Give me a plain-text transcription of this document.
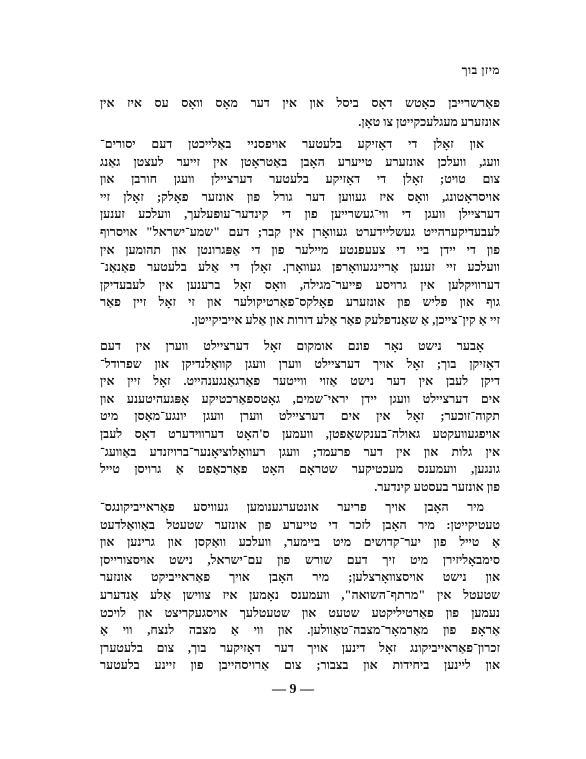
מיזן בוך
פאַרשרייבן כאָטש דאָס ביסל און אין דער מאָס וואָס עס איז אין
אונזערע מעגלעכקייטן צו טאָן.
און זאָלן די דאָזיקע בלעטער אויפסניי באַלייכטן דעם יסורים־
וועג, וועלכן אונזערע טייערע האָבן באַטראָטן אין זייער לעצטן גאַנג
צום טויט; זאָלן די דאָזיקע בלעטער דערציילן וועגן חורבן און
אויסראָטונג, וואָס איז געווען דער גורל פון אונזער פאָלק; זאָלן זיי
דערציילן וועגן די ווי־געשרייען פון די קינדער־עופעלעך, וועלכע זענען
לעבעדיקערהייט געשליידערט געוואָרן אין קבר; דעם "שמע־ישראל" אויסרוף
פון די יידן ביי די צעעפנטע מיילער פון די אַפּגרונטן און תהומען אין
וועלכע זיי זענען אַריינגעוואָרפן געוואָרן. זאָלן די אַלע בלעטער פאַנאַנ־
דערוויקלען אין גרויסע פייער־מגילה, וואָס זאָל ברענען אין לעבעדיקן
גוף און פליש פון אונזערע פאָלקס־פאַרטיקולער און זי זאָל זיין פאַר
זיי אַ קין־צייכן, אַ שאַנדפלעק פאַר אַלע דורות און אַלע אייביקייטן.
אָבער נישט נאָר פונם אומקום זאָל דערציילט ווערן אין דעם
דאָזיקן בוך; זאָל אויך דערציילט ווערן וועגן קוואַלנדיקן און שפרודל־
דיקן לעבן אין דער נישט אַזוי ווייטער פאַרגאַנגענהייט. זאָל זיין אין
אים דערציילט וועגן יידן יראי־שמים, גאָטספאַרכטיקע אָפּגעהיטענע און
תקוה־זוכער; זאָל אין אים דערציילט ווערן וועגן יונגע־מאַסן מיט
אויפגעוועקטע גאולה־בענקשאַפטן, וועמען ס'האָט דערווידערט דאָס לעבן
אין גלות און אין דער פרעמד; וועגן רעוואָלוציאָנער־ברויזנדע באַוועג־
גונגען, וועמענס מעכטיקער שטראָם האָט פאַרכאַפט אַ גרויסן טייל
פון אונזער בעסטע קינדער.
מיר האָבן אויך פריער אונטערגענומען געוויסע פאַראייביקונגס־
טעטיקייטן: מיר האָבן לזכר די טייערע פון אונזער שטעטל באַוואַלדעט
אַ טייל פון יער־קדושים מיט ביימער, וועלכע וואַקסן און גרינען און
סימבאָליזירן מיט זיך דעם שורש פון עם־ישראל, נישט אויסצורייסן
און נישט אויסצוואָרצלען; מיר האָבן אויך פאַראייביקט אונזער
שטעטל אין "מרתף־השואה", וועמענס נאָמען איז צווישן אַלע אַנדערע
נעמען פון פאַרטיליקטע שטעט און שטעטלעך אויסגעקריצט און לויכט
אַראָפ פון מאַרמאָר־מצבה־טאַוולען. און ווי אַ מצבה לנצח, ווי אַ
זכרון־פאַראייביקונג זאָל דינען אויך דער דאָזיקער בוך, צום בלעטערן
און ליינען ביחידות און בצבור; צום אַרויסהייבן פון זיינע בלעטער
— 9 —
